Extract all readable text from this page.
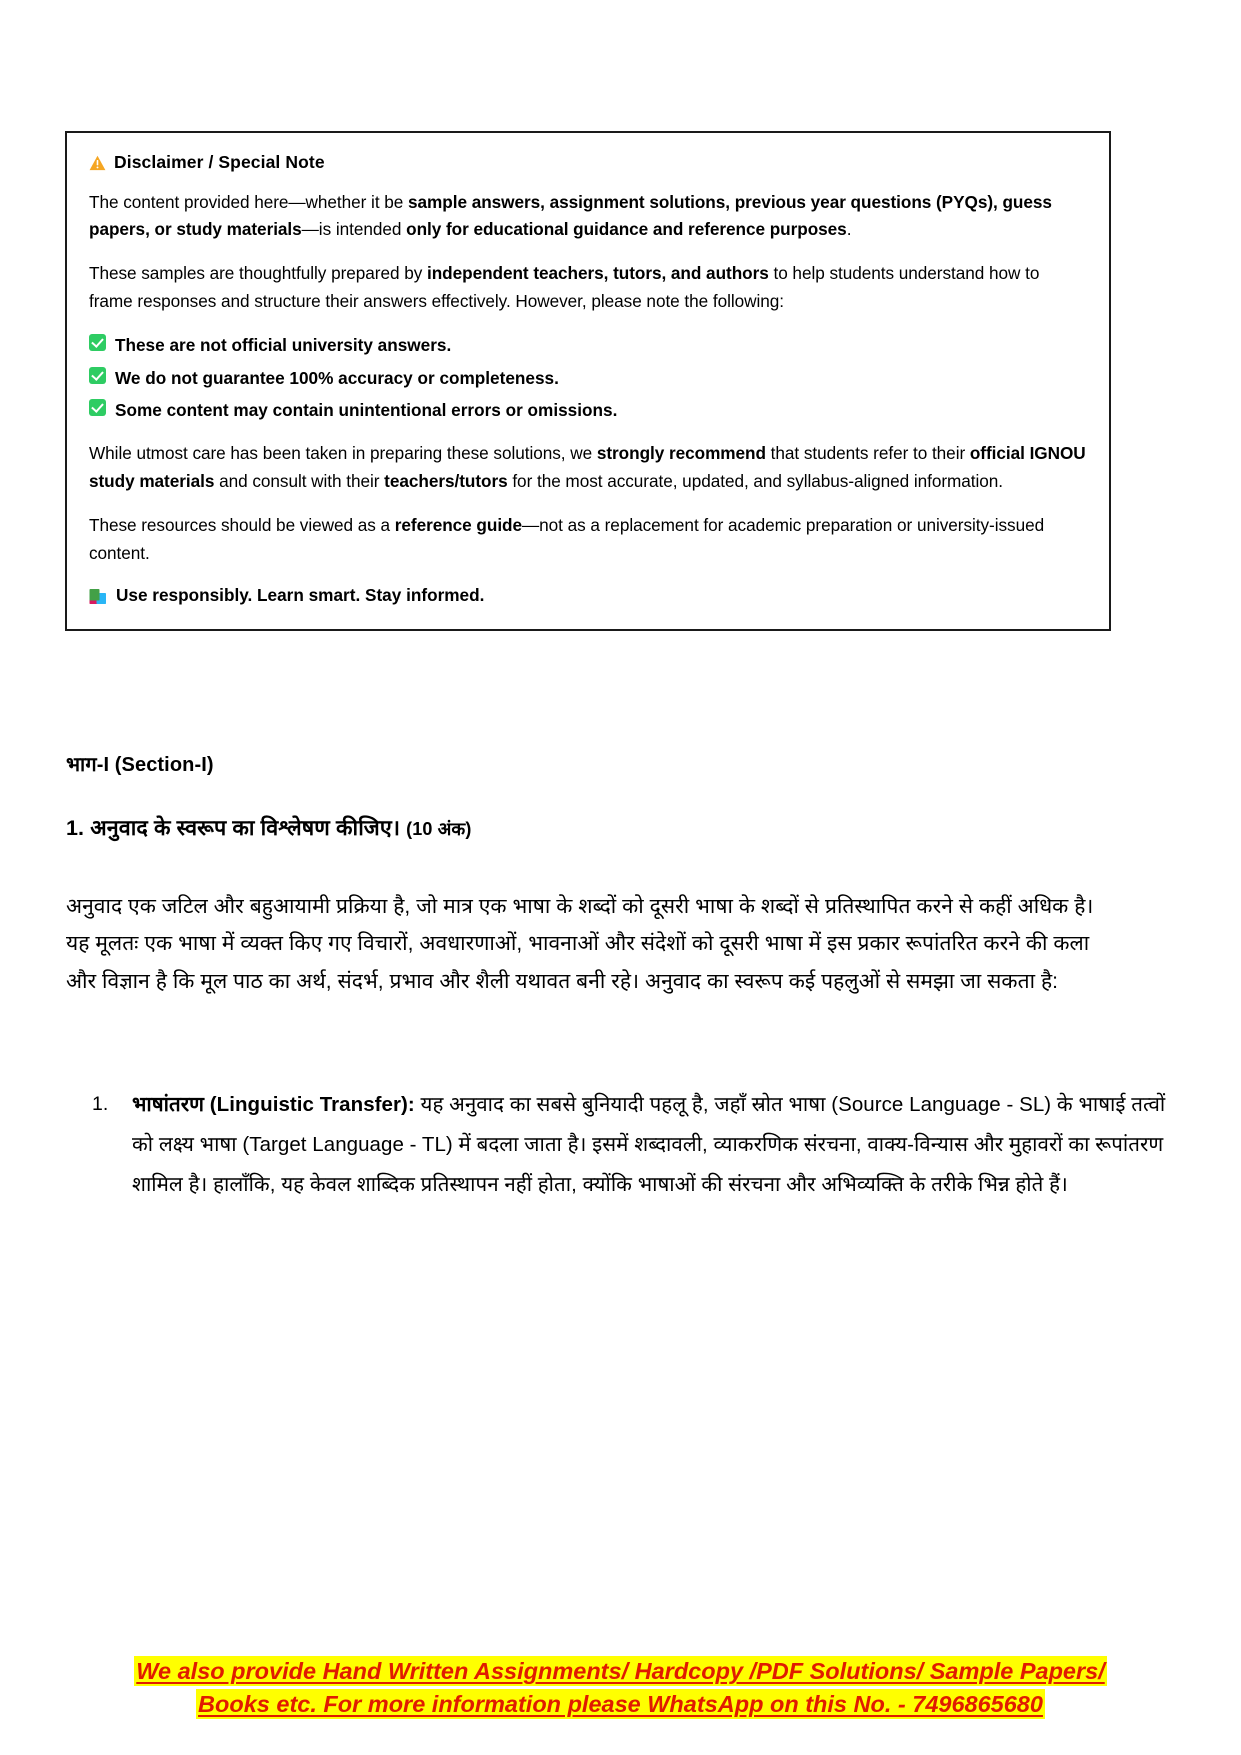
Disclaimer / Special Note

The content provided here—whether it be sample answers, assignment solutions, previous year questions (PYQs), guess papers, or study materials—is intended only for educational guidance and reference purposes.

These samples are thoughtfully prepared by independent teachers, tutors, and authors to help students understand how to frame responses and structure their answers effectively. However, please note the following:

These are not official university answers.
We do not guarantee 100% accuracy or completeness.
Some content may contain unintentional errors or omissions.

While utmost care has been taken in preparing these solutions, we strongly recommend that students refer to their official IGNOU study materials and consult with their teachers/tutors for the most accurate, updated, and syllabus-aligned information.

These resources should be viewed as a reference guide—not as a replacement for academic preparation or university-issued content.

Use responsibly. Learn smart. Stay informed.
भाग-I (Section-I)
1. अनुवाद के स्वरूप का विश्लेषण कीजिए। (10 अंक)
अनुवाद एक जटिल और बहुआयामी प्रक्रिया है, जो मात्र एक भाषा के शब्दों को दूसरी भाषा के शब्दों से प्रतिस्थापित करने से कहीं अधिक है। यह मूलतः एक भाषा में व्यक्त किए गए विचारों, अवधारणाओं, भावनाओं और संदेशों को दूसरी भाषा में इस प्रकार रूपांतरित करने की कला और विज्ञान है कि मूल पाठ का अर्थ, संदर्भ, प्रभाव और शैली यथावत बनी रहे। अनुवाद का स्वरूप कई पहलुओं से समझा जा सकता है:
1. भाषांतरण (Linguistic Transfer): यह अनुवाद का सबसे बुनियादी पहलू है, जहाँ स्रोत भाषा (Source Language - SL) के भाषाई तत्वों को लक्ष्य भाषा (Target Language - TL) में बदला जाता है। इसमें शब्दावली, व्याकरणिक संरचना, वाक्य-विन्यास और मुहावरों का रूपांतरण शामिल है। हालाँकि, यह केवल शाब्दिक प्रतिस्थापन नहीं होता, क्योंकि भाषाओं की संरचना और अभिव्यक्ति के तरीके भिन्न होते हैं।
We also provide Hand Written Assignments/ Hardcopy /PDF Solutions/ Sample Papers/
Books etc. For more information please WhatsApp on this No. - 7496865680
